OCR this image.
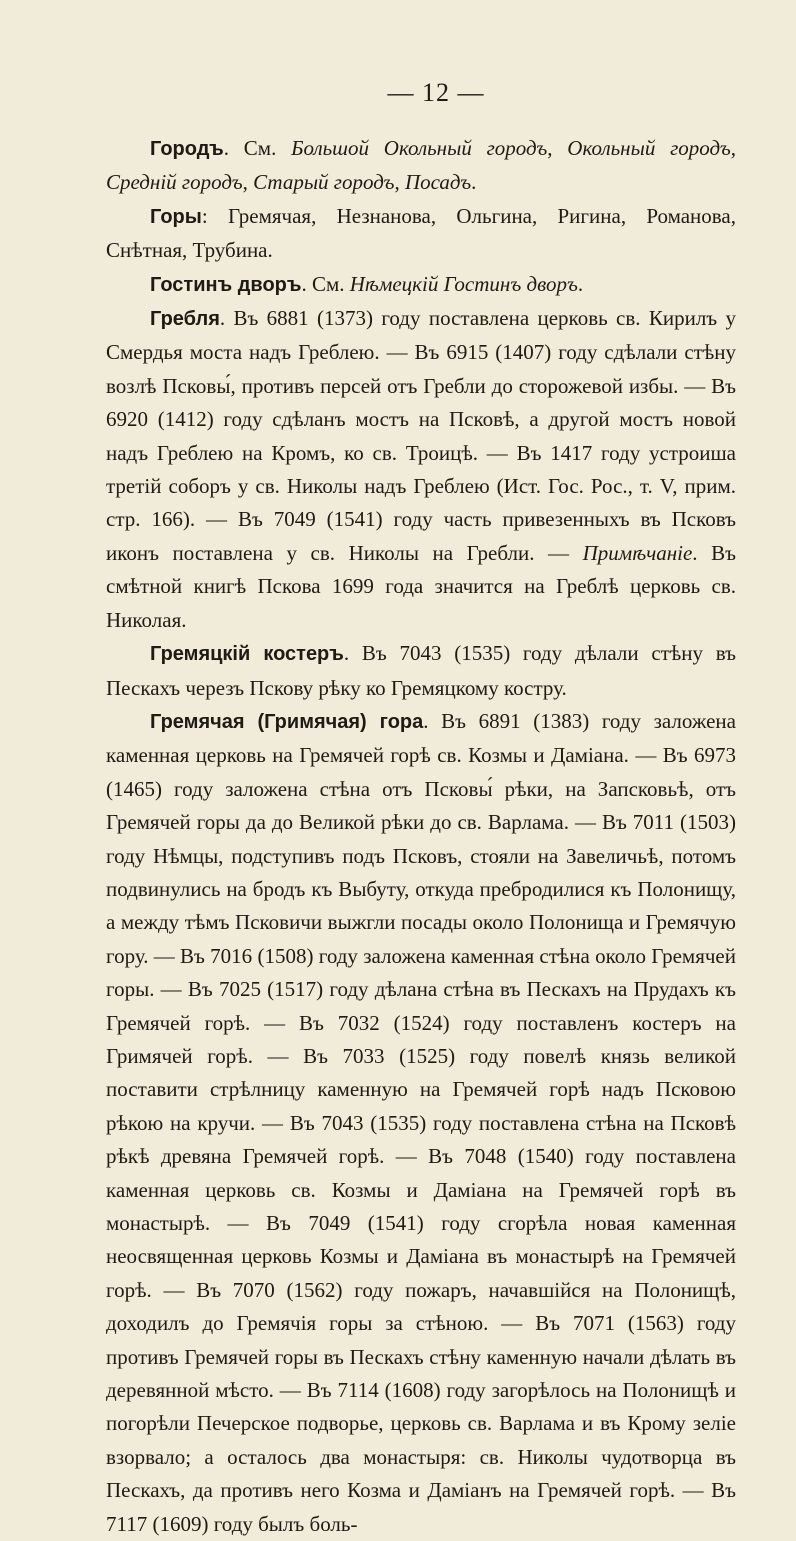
— 12 —

Городъ. См. Большой Окольный городъ, Окольный городъ, Средній городъ, Старый городъ, Посадъ.

Горы: Гремячая, Незнанова, Ольгина, Ригина, Романова, Снѣтная, Трубина.

Гостинъ дворъ. См. Нѣмецкій Гостинъ дворъ.

Гребля. Въ 6881 (1373) году поставлена церковь св. Кирилъ у Смердья моста надъ Греблею. — Въ 6915 (1407) году сдѣлали стѣну возлѣ Псковы́, противъ персей отъ Гребли до сторожевой избы. — Въ 6920 (1412) году сдѣланъ мостъ на Псковѣ, а другой мостъ новой надъ Греблею на Кромъ, ко св. Троицѣ. — Въ 1417 году устроиша третій соборъ у св. Николы надъ Греблею (Ист. Гос. Рос., т. V, прим. стр. 166). — Въ 7049 (1541) году часть привезенныхъ въ Псковъ иконъ поставлена у св. Николы на Гребли. — Примѣчаніе. Въ смѣтной книгѣ Пскова 1699 года значится на Греблѣ церковь св. Николая.

Гремяцкій костеръ. Въ 7043 (1535) году дѣлали стѣну въ Пескахъ черезъ Пскову рѣку ко Гремяцкому костру.

Гремячая (Гримячая) гора. Въ 6891 (1383) году заложена каменная церковь на Гремячей горѣ св. Козмы и Даміана. — Въ 6973 (1465) году заложена стѣна отъ Псковы́ рѣки, на Запсковьѣ, отъ Гремячей горы да до Великой рѣки до св. Варлама. — Въ 7011 (1503) году Нѣмцы, подступивъ подъ Псковъ, стояли на Завеличьѣ, потомъ подвинулись на бродъ къ Выбуту, откуда пребродилися къ Полонищу, а между тѣмъ Псковичи выжгли посады около Полонища и Гремячую гору. — Въ 7016 (1508) году заложена каменная стѣна около Гремячей горы. — Въ 7025 (1517) году дѣлана стѣна въ Пескахъ на Прудахъ къ Гремячей горѣ. — Въ 7032 (1524) году поставленъ костеръ на Гримячей горѣ. — Въ 7033 (1525) году повелѣ князь великой поставити стрѣлницу каменную на Гремячей горѣ надъ Псковою рѣкою на кручи. — Въ 7043 (1535) году поставлена стѣна на Псковѣ рѣкѣ древяна Гремячей горѣ. — Въ 7048 (1540) году поставлена каменная церковь св. Козмы и Даміана на Гремячей горѣ въ монастырѣ. — Въ 7049 (1541) году сгорѣла новая каменная неосвященная церковь Козмы и Даміана въ монастырѣ на Гремячей горѣ. — Въ 7070 (1562) году пожаръ, начавшійся на Полонищѣ, доходилъ до Гремячія горы за стѣною. — Въ 7071 (1563) году противъ Гремячей горы въ Пескахъ стѣну каменную начали дѣлать въ деревянной мѣсто. — Въ 7114 (1608) году загорѣлось на Полонищѣ и погорѣли Печерское подворье, церковь св. Варлама и въ Крому зеліе взорвало; а осталось два монастыря: св. Николы чудотворца въ Пескахъ, да противъ него Козма и Даміанъ на Гремячей горѣ. — Въ 7117 (1609) году былъ боль-
